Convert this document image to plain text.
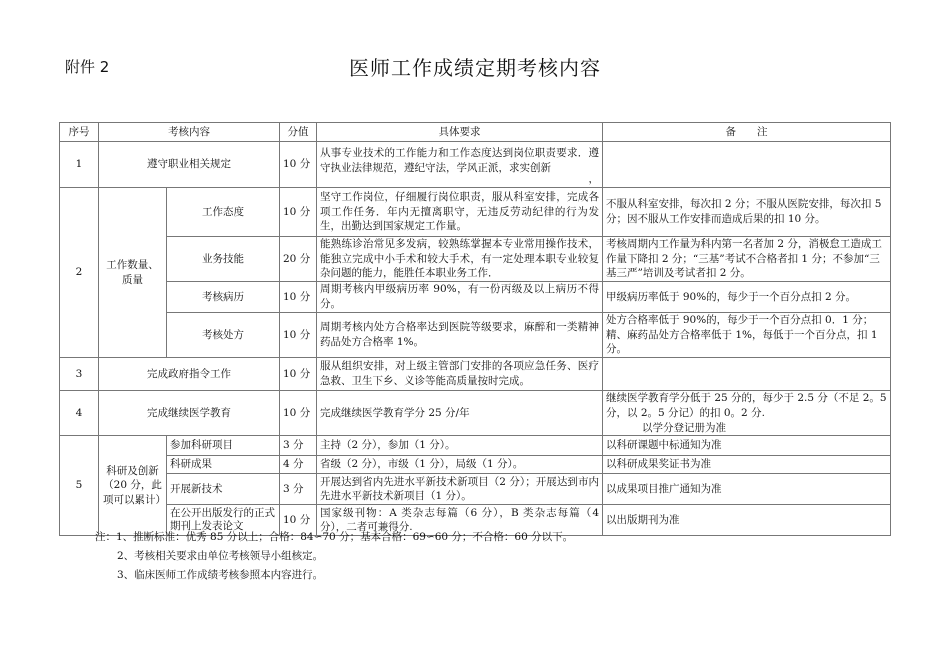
附件 2	医师工作成绩定期考核内容
序号	考核内容		分值	具体要求	备　　注
1	遵守职业相关规定		10 分	从事专业技术的工作能力和工作态度达到岗位职责要求．遵守执业法律规范，遵纪守法，学风正派，求实创新
，	

2	工作数量、质量	工作态度	10 分	坚守工作岗位，仔细履行岗位职责，服从科室安排，完成各项工作任务．年内无擅离职守，无违反劳动纪律的行为发生，出勤达到国家规定工作量。	不服从科室安排，每次扣 2 分；不服从医院安排，每次扣 5 分；因不服从工作安排而造成后果的扣 10 分。
		业务技能	20 分	能熟练诊治常见多发病，较熟练掌握本专业常用操作技术，能独立完成中小手术和较大手术，有一定处理本职专业较复杂问题的能力，能胜任本职业务工作．	考核周期内工作量为科内第一名者加 2 分，消极怠工造成工作量下降扣 2 分；“三基”考试不合格者扣 1 分；不参加“三基三严”培训及考试者扣 2 分。
		考核病历	10 分	周期考核内甲级病历率 90%，有一份丙级及以上病历不得分。	甲级病历率低于 90%的，每少于一个百分点扣 2 分。
		考核处方	10 分	周期考核内处方合格率达到医院等级要求，麻醉和一类精神药品处方合格率 1%。	处方合格率低于 90%的，每少于一个百分点扣 0．1 分；精、麻药品处方合格率低于 1%，每低于一个百分点，扣 1 分。
3	完成政府指令工作		10 分	服从组织安排，对上级主管部门安排的各项应急任务、医疗急救、卫生下乡、义诊等能高质量按时完成。	
4	完成继续医学教育		10 分	完成继续医学教育学分 25 分/年	继续医学教育学分低于 25 分的，每少于 2.5 分（不足 2。5 分，以 2。5 分记）的扣 0。2 分.
以学分登记册为准

5	科研及创新（20 分，此项可以累计）	参加科研项目	3 分	主持（2 分），参加（1 分）。	以科研课题中标通知为准
		科研成果	4 分	省级（2 分），市级（1 分），局级（1 分）。	以科研成果奖证书为准
		开展新技术	3 分	开展达到省内先进水平新技术新项目（2 分）；开展达到市内先进水平新技术新项目（1 分）。	以成果项目推广通知为准
		在公开出版发行的正式期刊上发表论文	10 分	国家级刊物：A 类杂志每篇（6 分），B 类杂志每篇（4 分），二者可兼得分.	以出版期刊为准
注：1、推断标准：优秀 85 分以上；合格：84∽70 分；基本合格：69∽60 分；不合格：60 分以下。
2、考核相关要求由单位考核领导小组核定。
3、临床医师工作成绩考核参照本内容进行。
